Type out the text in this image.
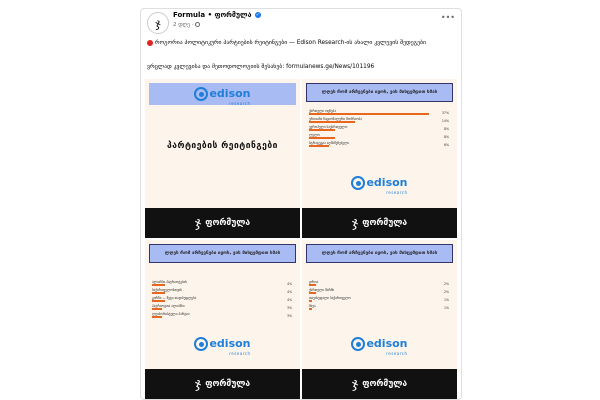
ჯ
Formula • ფორმულა ✓
2 დღე ·
•••
როგორია პოლიტიკური პარტიების რეიტინგები — Edison Research-ის ახალი კვლევის შედეგები
ვრცლად კვლევისა და მეთოდოლოგიის შესახებ: formulanews.ge/News/101196
edison
research
პარტიების რეიტინგები
ჯ ფორმულა
ლღეს რომ არჩევნები იყოს, ვის მისცემდით ხმას
ქართული ოცნება	37%
ერთიანი ნაციონალური მოძრაობა	14%
ევროპული საქართველო	8%
ლელო	8%
სტრატეგია აღმაშენებელი	6%
edison
research
ჯ ფორმულა
ლღეს რომ არჩევნები იყოს, ვის მისცემდით ხმას
ალიანსი პატრიოტების	4%
საქართველოსთვის	4%
გირჩი — მეტი თავისუფლება	4%
პატრიოტთა ალიანსი	3%
ლეიბორისტული პარტია	3%
edison
research
ჯ ფორმულა
ლღეს რომ არჩევნები იყოს, ვის მისცემდით ხმას
დროა	2%
ქართული მარში	2%
თავისუფალი საქართველო	1%
სხვა	1%
edison
research
ჯ ფორმულა
